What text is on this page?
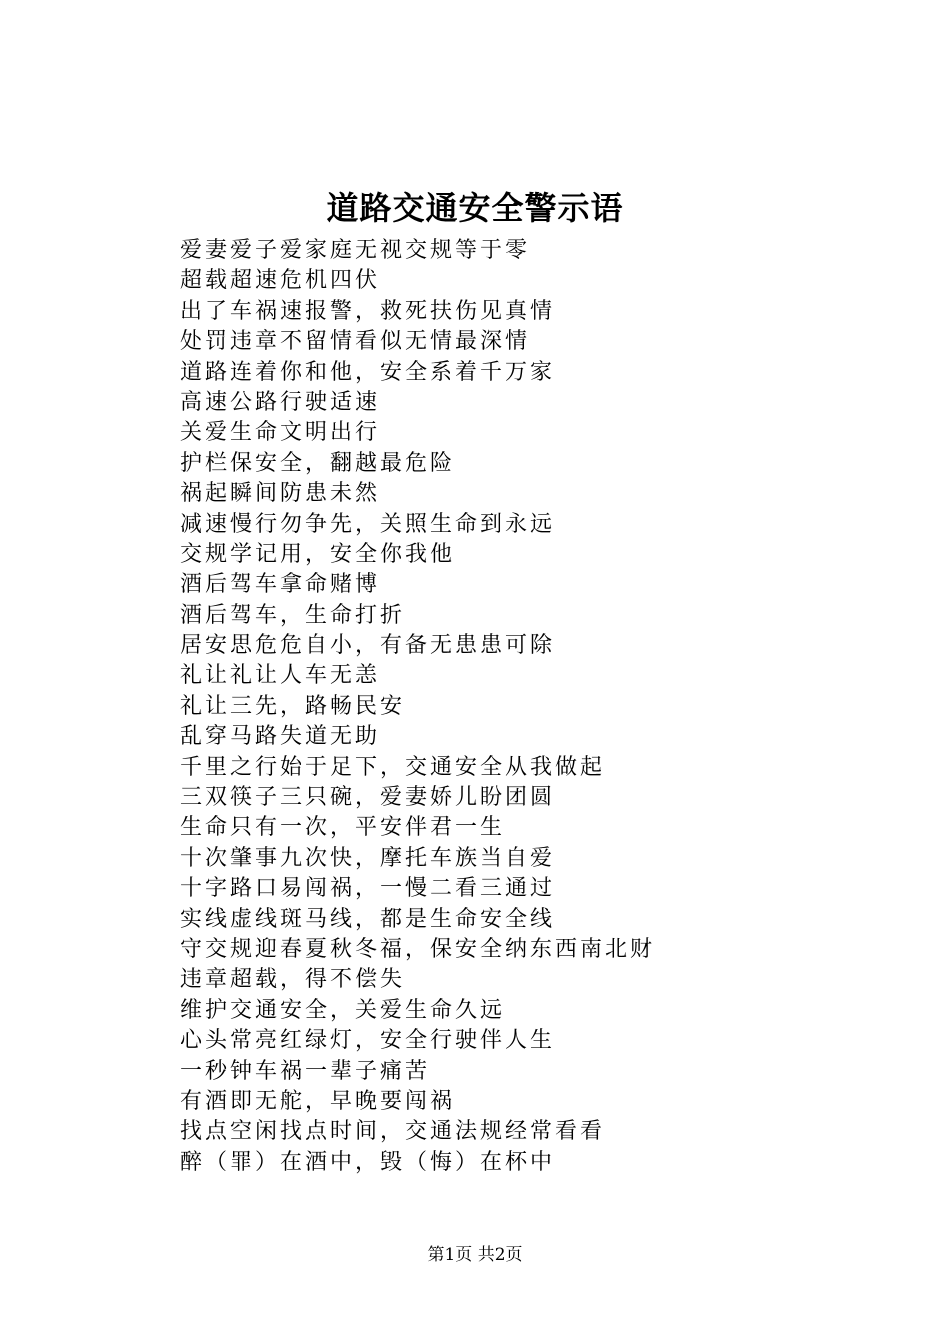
道路交通安全警示语
爱妻爱子爱家庭无视交规等于零
超载超速危机四伏
出了车祸速报警，救死扶伤见真情
处罚违章不留情看似无情最深情
道路连着你和他，安全系着千万家
高速公路行驶适速
关爱生命文明出行
护栏保安全，翻越最危险
祸起瞬间防患未然
减速慢行勿争先，关照生命到永远
交规学记用，安全你我他
酒后驾车拿命赌博
酒后驾车，生命打折
居安思危危自小，有备无患患可除
礼让礼让人车无恙
礼让三先，路畅民安
乱穿马路失道无助
千里之行始于足下，交通安全从我做起
三双筷子三只碗，爱妻娇儿盼团圆
生命只有一次，平安伴君一生
十次肇事九次快，摩托车族当自爱
十字路口易闯祸，一慢二看三通过
实线虚线斑马线，都是生命安全线
守交规迎春夏秋冬福，保安全纳东西南北财
违章超载，得不偿失
维护交通安全，关爱生命久远
心头常亮红绿灯，安全行驶伴人生
一秒钟车祸一辈子痛苦
有酒即无舵，早晚要闯祸
找点空闲找点时间，交通法规经常看看
醉（罪）在酒中，毁（悔）在杯中
第1页 共2页
